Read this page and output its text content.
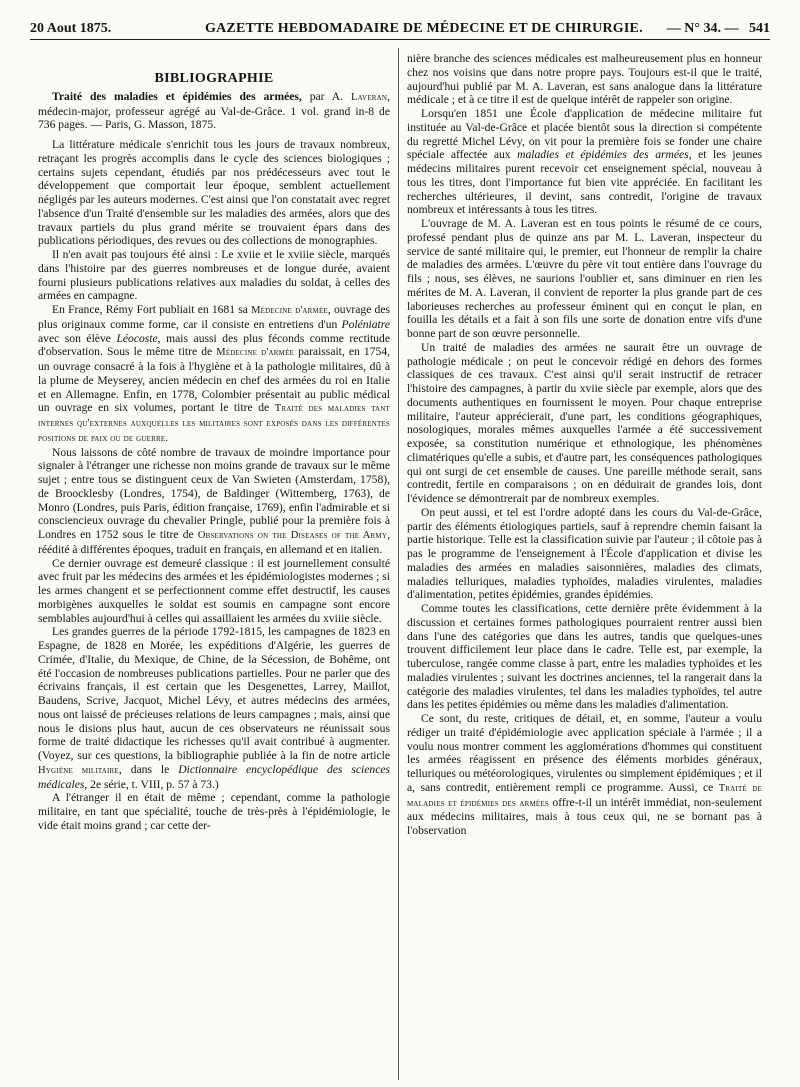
20 Aout 1875.	GAZETTE HEBDOMADAIRE DE MÉDECINE ET DE CHIRURGIE. — N° 34. — 541
BIBLIOGRAPHIE

Traité des maladies et épidémies des armées, par A. Laveran, médecin-major, professeur agrégé au Val-de-Grâce. 1 vol. grand in-8 de 736 pages. — Paris, G. Masson, 1875.

La littérature médicale s'enrichit tous les jours de travaux nombreux, retraçant les progrès accomplis dans le cycle des sciences biologiques ; certains sujets cependant, étudiés par nos prédécesseurs avec tout le développement que comportait leur époque, semblent actuellement négligés par les auteurs modernes. C'est ainsi que l'on constatait avec regret l'absence d'un Traité d'ensemble sur les maladies des armées, alors que des travaux partiels du plus grand mérite se trouvaient épars dans des publications périodiques, des revues ou des collections de monographies.

Il n'en avait pas toujours été ainsi : Le xviie et le xviiie siècle, marqués dans l'histoire par des guerres nombreuses et de longue durée, avaient fourni plusieurs publications relatives aux maladies du soldat, à celles des armées en campagne.

En France, Rémy Fort publiait en 1681 sa Médecine d'armée, ouvrage des plus originaux comme forme, car il consiste en entretiens d'un Poléniatre avec son élève Léocoste, mais aussi des plus féconds comme rectitude d'observation. Sous le même titre de Médecine d'armée paraissait, en 1754, un ouvrage consacré à la fois à l'hygiène et à la pathologie militaires, dû à la plume de Meyserey, ancien médecin en chef des armées du roi en Italie et en Allemagne. Enfin, en 1778, Colombier présentait au public médical un ouvrage en six volumes, portant le titre de Traité des maladies tant internes qu'externes auxquelles les militaires sont exposés dans les différentes positions de paix ou de guerre.

Nous laissons de côté nombre de travaux de moindre importance pour signaler à l'étranger une richesse non moins grande de travaux sur le même sujet ; entre tous se distinguent ceux de Van Swieten (Amsterdam, 1758), de Broocklesby (Londres, 1754), de Baldinger (Wittemberg, 1763), de Monro (Londres, puis Paris, édition française, 1769), enfin l'admirable et si consciencieux ouvrage du chevalier Pringle, publié pour la première fois à Londres en 1752 sous le titre de Observations on the Diseases of the Army, réédité à différentes époques, traduit en français, en allemand et en italien.

Ce dernier ouvrage est demeuré classique : il est journellement consulté avec fruit par les médecins des armées et les épidémiologistes modernes ; si les armes changent et se perfectionnent comme effet destructif, les causes morbigènes auxquelles le soldat est soumis en campagne sont encore semblables aujourd'hui à celles qui assaillaient les armées du xviiie siècle.

Les grandes guerres de la période 1792-1815, les campagnes de 1823 en Espagne, de 1828 en Morée, les expéditions d'Algérie, les guerres de Crimée, d'Italie, du Mexique, de Chine, de la Sécession, de Bohême, ont été l'occasion de nombreuses publications partielles. Pour ne parler que des écrivains français, il est certain que les Desgenettes, Larrey, Maillot, Baudens, Scrive, Jacquot, Michel Lévy, et autres médecins des armées, nous ont laissé de précieuses relations de leurs campagnes ; mais, ainsi que nous le disions plus haut, aucun de ces observateurs ne réunissait sous forme de traité didactique les richesses qu'il avait contribué à augmenter. (Voyez, sur ces questions, la bibliographie publiée à la fin de notre article Hygiène militaire, dans le Dictionnaire encyclopédique des sciences médicales, 2e série, t. VIII, p. 57 à 73.)

A l'étranger il en était de même ; cependant, comme la pathologie militaire, en tant que spécialité, touche de très-près à l'épidémiologie, le vide était moins grand ; car cette der-

nière branche des sciences médicales est malheureusement plus en honneur chez nos voisins que dans notre propre pays. Toujours est-il que le traité, aujourd'hui publié par M. A. Laveran, est sans analogue dans la littérature médicale ; et à ce titre il est de quelque intérêt de rappeler son origine.

Lorsqu'en 1851 une École d'application de médecine militaire fut instituée au Val-de-Grâce et placée bientôt sous la direction si compétente du regretté Michel Lévy, on vit pour la première fois se fonder une chaire spéciale affectée aux maladies et épidémies des armées, et les jeunes médecins militaires purent recevoir cet enseignement spécial, nouveau à tous les titres, dont l'importance fut bien vite appréciée. En facilitant les recherches ultérieures, il devint, sans contredit, l'origine de travaux nombreux et intéressants à tous les titres.

L'ouvrage de M. A. Laveran est en tous points le résumé de ce cours, professé pendant plus de quinze ans par M. L. Laveran, inspecteur du service de santé militaire qui, le premier, eut l'honneur de remplir la chaire de maladies des armées. L'œuvre du père vit tout entière dans l'ouvrage du fils ; nous, ses élèves, ne saurions l'oublier et, sans diminuer en rien les mérites de M. A. Laveran, il convient de reporter la plus grande part de ces laborieuses recherches au professeur éminent qui en conçut le plan, en fouilla les détails et a fait à son fils une sorte de donation entre vifs d'une bonne part de son œuvre personnelle.

Un traité de maladies des armées ne saurait être un ouvrage de pathologie médicale ; on peut le concevoir rédigé en dehors des formes classiques de ces travaux. C'est ainsi qu'il serait instructif de retracer l'histoire des campagnes, à partir du xviie siècle par exemple, alors que des documents authentiques en fournissent le moyen. Pour chaque entreprise militaire, l'auteur apprécierait, d'une part, les conditions géographiques, nosologiques, morales mêmes auxquelles l'armée a été successivement exposée, sa constitution numérique et ethnologique, les phénomènes climatériques qu'elle a subis, et d'autre part, les conséquences pathologiques qui ont surgi de cet ensemble de causes. Une pareille méthode serait, sans contredit, fertile en comparaisons ; on en déduirait de grandes lois, dont l'évidence se démontrerait par de nombreux exemples.

On peut aussi, et tel est l'ordre adopté dans les cours du Val-de-Grâce, partir des éléments étiologiques partiels, sauf à reprendre chemin faisant la partie historique. Telle est la classification suivie par l'auteur ; il côtoie pas à pas le programme de l'enseignement à l'École d'application et divise les maladies des armées en maladies saisonnières, maladies des climats, maladies telluriques, maladies typhoïdes, maladies virulentes, maladies d'alimentation, petites épidémies, grandes épidémies.

Comme toutes les classifications, cette dernière prête évidemment à la discussion et certaines formes pathologiques pourraient rentrer aussi bien dans l'une des catégories que dans les autres, tandis que quelques-unes trouvent difficilement leur place dans le cadre. Telle est, par exemple, la tuberculose, rangée comme classe à part, entre les maladies typhoïdes et les maladies virulentes ; suivant les doctrines anciennes, tel la rangerait dans la catégorie des maladies virulentes, tel dans les maladies typhoïdes, tel autre dans les petites épidémies ou même dans les maladies d'alimentation.

Ce sont, du reste, critiques de détail, et, en somme, l'auteur a voulu rédiger un traité d'épidémiologie avec application spéciale à l'armée ; il a voulu nous montrer comment les agglomérations d'hommes qui constituent les armées réagissent en présence des éléments morbides généraux, telluriques ou météorologiques, virulentes ou simplement épidémiques ; et il a, sans contredit, entièrement rempli ce programme. Aussi, ce Traité de maladies et épidémies des armées offre-t-il un intérêt immédiat, non-seulement aux médecins militaires, mais à tous ceux qui, ne se bornant pas à l'observation
